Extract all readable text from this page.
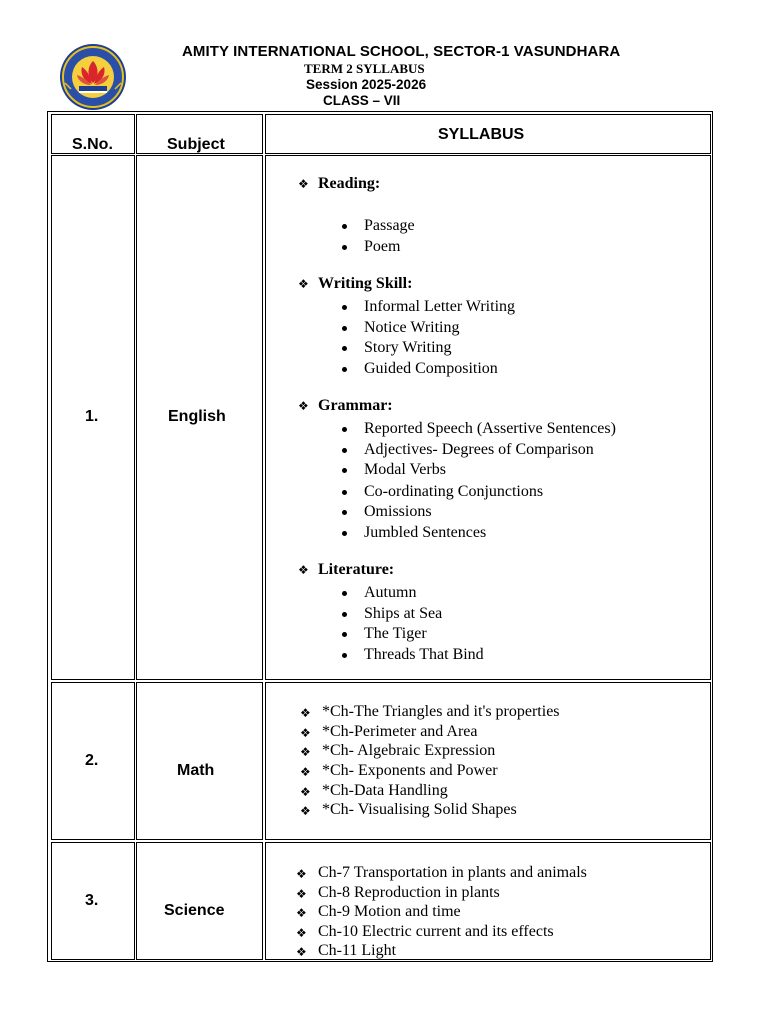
AMITY INTERNATIONAL SCHOOL, SECTOR-1 VASUNDHARA
TERM 2 SYLLABUS
Session 2025-2026
CLASS – VII
S.No.	Subject
SYLLABUS
1.	English
❖ Reading:
Passage
Poem
❖ Writing Skill:
Informal Letter Writing
Notice Writing
Story Writing
Guided Composition
❖ Grammar:
Reported Speech (Assertive Sentences)
Adjectives- Degrees of Comparison
Modal Verbs
Co-ordinating Conjunctions
Omissions
Jumbled Sentences
❖ Literature:
Autumn
Ships at Sea
The Tiger
Threads That Bind
2.
Math
❖ *Ch-The Triangles and it's properties
❖ *Ch-Perimeter and Area
❖ *Ch- Algebraic Expression
❖ *Ch- Exponents and Power
❖ *Ch-Data Handling
❖ *Ch- Visualising Solid Shapes
3.
Science
❖ Ch-7 Transportation in plants and animals
❖ Ch-8 Reproduction in plants
❖ Ch-9 Motion and time
❖ Ch-10 Electric current and its effects
❖ Ch-11 Light
